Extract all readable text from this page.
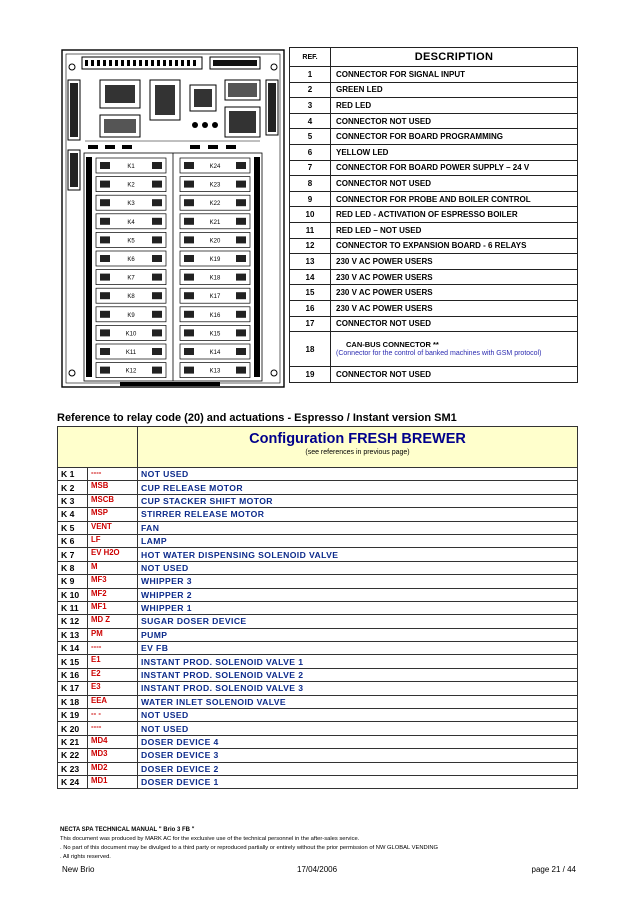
K1
K2
K3
K4
K5
K6
K7
K8
K9
K10
K11
K12
K24
K23
K22
K21
K20
K19
K18
K17
K16
K15
K14
K13
REF.	DESCRIPTION
1	CONNECTOR FOR SIGNAL INPUT
2	GREEN LED
3	RED LED
4	CONNECTOR NOT USED
5	CONNECTOR FOR BOARD PROGRAMMING
6	YELLOW LED
7	CONNECTOR FOR BOARD POWER SUPPLY – 24 V
8	CONNECTOR NOT USED
9	CONNECTOR FOR PROBE AND BOILER CONTROL
10	RED LED - ACTIVATION OF ESPRESSO BOILER
11	RED LED – NOT USED
12	CONNECTOR TO EXPANSION BOARD - 6 RELAYS
13	230 V AC POWER USERS
14	230 V AC POWER USERS
15	230 V AC POWER USERS
16	230 V AC POWER USERS
17	CONNECTOR NOT USED
18	CAN-BUS CONNECTOR **
(Connector for the control of banked machines with GSM protocol)

19	CONNECTOR NOT USED
Reference to relay code (20) and actuations - Espresso / Instant version SM1

		Configuration FRESH BREWER
(see references in previous page)

K 1	----	NOT USED
K 2	MSB	CUP RELEASE MOTOR
K 3	MSCB	CUP STACKER SHIFT MOTOR
K 4	MSP	STIRRER RELEASE MOTOR
K 5	VENT	FAN
K 6	LF	LAMP
K 7	EV H2O	HOT WATER DISPENSING SOLENOID VALVE
K 8	M	NOT USED
K 9	MF3	WHIPPER 3
K 10	MF2	WHIPPER 2
K 11	MF1	WHIPPER 1
K 12	MD Z	SUGAR DOSER DEVICE
K 13	PM	PUMP
K 14	----	EV FB
K 15	E1	INSTANT PROD. SOLENOID VALVE 1
K 16	E2	INSTANT PROD. SOLENOID VALVE 2
K 17	E3	INSTANT PROD. SOLENOID VALVE 3
K 18	EEA	WATER INLET SOLENOID VALVE
K 19	-- -	NOT USED
K 20	----	NOT USED
K 21	MD4	DOSER DEVICE 4
K 22	MD3	DOSER DEVICE 3
K 23	MD2	DOSER DEVICE 2
K 24	MD1	DOSER DEVICE 1
NECTA SPA TECHNICAL MANUAL " Brio 3 FB "
This document was produced by MARK AC for the exclusive use of the technical personnel in the after-sales service.
. No part of this document may be divulged to a third party or reproduced partially or entirely without the prior permission of NW GLOBAL VENDING
. All rights reserved.
New Brio	17/04/2006	page 21 / 44
